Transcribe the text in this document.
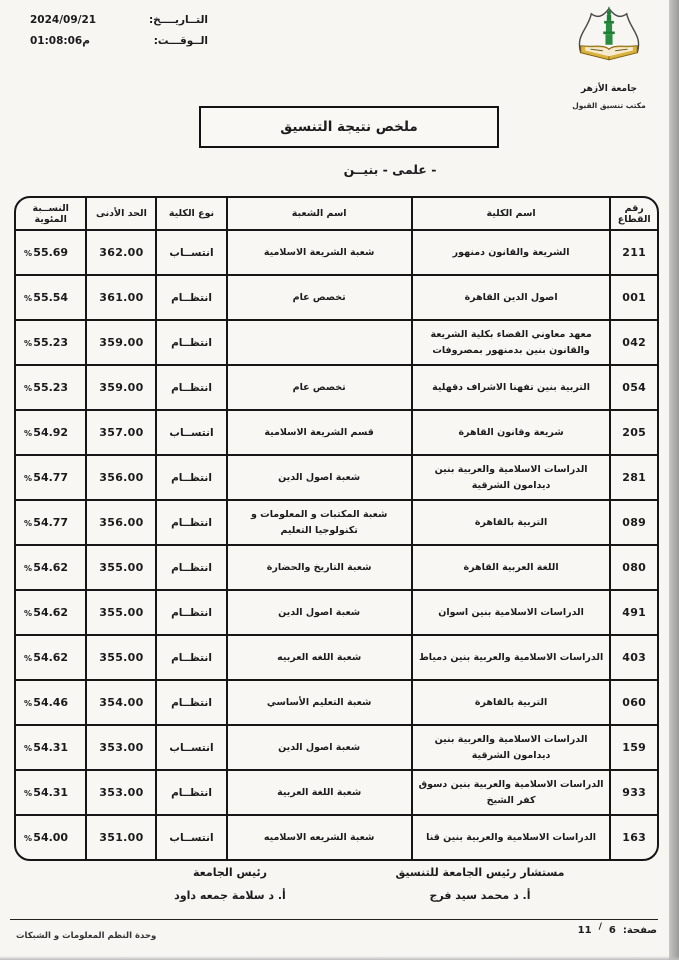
التــاريــــخ:
2024/09/21
الــوقـــت:
01:08:06م
جامعة الأزهر
مكتب تنسيق القبول
ملخص نتيجة التنسيق
- علمى - بنيــن
رقم القطاع	اسم الكلية	اسم الشعبة	نوع الكلية	الحد الأدنى	النســبة المئوية
211	الشريعة والقانون دمنهور	شعبة الشريعة الاسلامية	انتســاب	362.00	55.69
%

001	اصول الدين القاهرة	تخصص عام	انتظــام	361.00	55.54
%

042	معهد معاوني القضاء بكلية الشريعة والقانون بنين بدمنهور بمصروفات		انتظــام	359.00	55.23
%

054	التربية بنين تفهنا الاشراف دقهلية	تخصص عام	انتظــام	359.00	55.23
%

205	شريعة وقانون القاهرة	قسم الشريعة الاسلامية	انتســاب	357.00	54.92
%

281	الدراسات الاسلامية والعربية بنين ديدامون الشرقية	شعبة اصول الدين	انتظــام	356.00	54.77
%

089	التربية بالقاهرة	شعبة المكتبات و المعلومات و تكنولوجيا التعليم	انتظــام	356.00	54.77
%

080	اللغة العربية القاهرة	شعبة التاريخ والحضارة	انتظــام	355.00	54.62
%

491	الدراسات الاسلامية بنين اسوان	شعبة اصول الدين	انتظــام	355.00	54.62
%

403	الدراسات الاسلامية والعربية بنين دمياط	شعبة اللغه العربيه	انتظــام	355.00	54.62
%

060	التربية بالقاهرة	شعبة التعليم الأساسي	انتظــام	354.00	54.46
%

159	الدراسات الاسلامية والعربية بنين ديدامون الشرقية	شعبة اصول الدين	انتســاب	353.00	54.31
%

933	الدراسات الاسلامية والعربية بنين دسوق كفر الشيخ	شعبة اللغة العربية	انتظــام	353.00	54.31
%

163	الدراسات الاسلامية والعربية بنين قنا	شعبة الشريعه الاسلاميه	انتســاب	351.00	54.00
%
مستشار رئيس الجامعة للتنسيق
أ. د محمد سيد فرج
رئيس الجامعة
أ. د سلامة جمعه داود
صفحة:
6
/
11
وحدة النظم المعلومات و الشبكات
